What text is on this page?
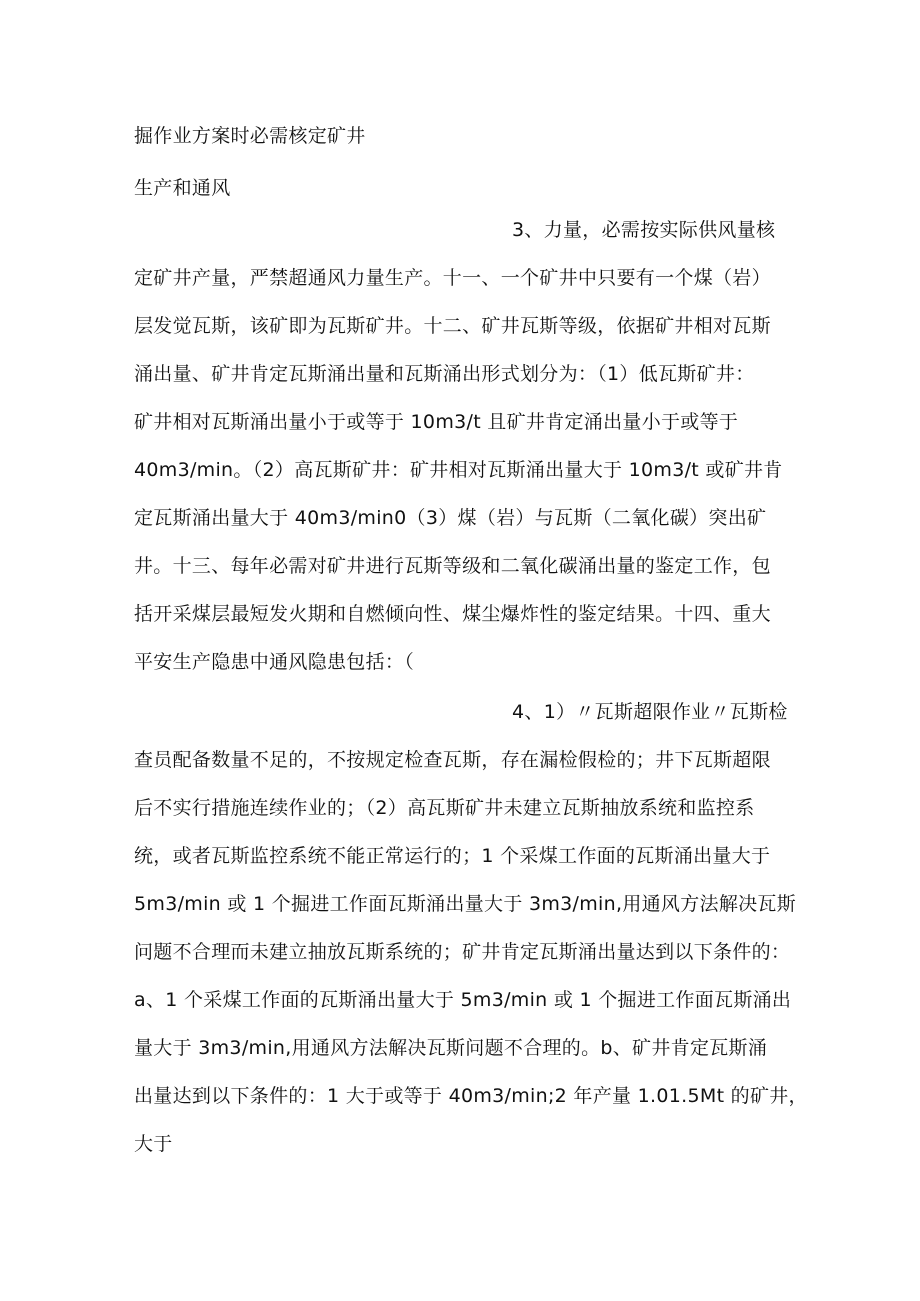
掘作业方案时必需核定矿井
生产和通风
3、力量，必需按实际供风量核
定矿井产量，严禁超通风力量生产。十一、一个矿井中只要有一个煤（岩）
层发觉瓦斯，该矿即为瓦斯矿井。十二、矿井瓦斯等级，依据矿井相对瓦斯
涌出量、矿井肯定瓦斯涌出量和瓦斯涌出形式划分为：（1）低瓦斯矿井：
矿井相对瓦斯涌出量小于或等于 10m3∕t 且矿井肯定涌出量小于或等于
40m3∕min。（2）高瓦斯矿井：矿井相对瓦斯涌出量大于 10m3∕t 或矿井肯
定瓦斯涌出量大于 40m3∕min0（3）煤（岩）与瓦斯（二氧化碳）突出矿
井。十三、每年必需对矿井进行瓦斯等级和二氧化碳涌出量的鉴定工作，包
括开采煤层最短发火期和自燃倾向性、煤尘爆炸性的鉴定结果。十四、重大
平安生产隐患中通风隐患包括：（
4、1）〃瓦斯超限作业〃瓦斯检
查员配备数量不足的，不按规定检查瓦斯，存在漏检假检的；井下瓦斯超限
后不实行措施连续作业的；（2）高瓦斯矿井未建立瓦斯抽放系统和监控系
统，或者瓦斯监控系统不能正常运行的；1 个采煤工作面的瓦斯涌出量大于
5m3∕min 或 1 个掘进工作面瓦斯涌出量大于 3m3∕min,用通风方法解决瓦斯
问题不合理而未建立抽放瓦斯系统的；矿井肯定瓦斯涌出量达到以下条件的：
a、1 个采煤工作面的瓦斯涌出量大于 5m3∕min 或 1 个掘进工作面瓦斯涌出
量大于 3m3∕min,用通风方法解决瓦斯问题不合理的。b、矿井肯定瓦斯涌
出量达到以下条件的：1 大于或等于 40m3∕min;2 年产量 1.01.5Mt 的矿井，
大于
